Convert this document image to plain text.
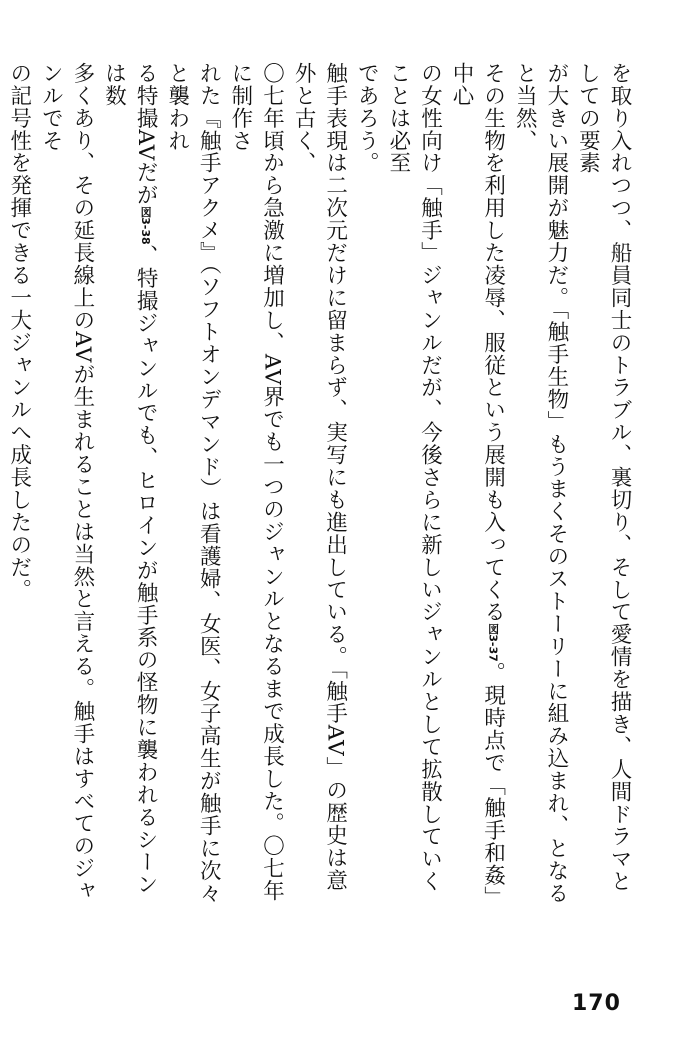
を取り入れつつ、船員同士のトラブル、裏切り、そして愛情を描き、人間ドラマとしての要素
が大きい展開が魅力だ。「触手生物」もうまくそのストーリーに組み込まれ、となると当然、
その生物を利用した凌辱、服従という展開も入ってくる図3-37。現時点で「触手和姦」中心
の女性向け「触手」ジャンルだが、今後さらに新しいジャンルとして拡散していくことは必至
であろう。
触手表現は二次元だけに留まらず、実写にも進出している。「触手AV」の歴史は意外と古く、
〇七年頃から急激に増加し、AV界でも一つのジャンルとなるまで成長した。〇七年に制作さ
れた『触手アクメ』（ソフトオンデマンド）は看護婦、女医、女子高生が触手に次々と襲われ
る特撮AVだが図3-38、特撮ジャンルでも、ヒロインが触手系の怪物に襲われるシーンは数
多くあり、その延長線上のAVが生まれることは当然と言える。触手はすべてのジャンルでそ
の記号性を発揮できる一大ジャンルへ成長したのだ。
170
